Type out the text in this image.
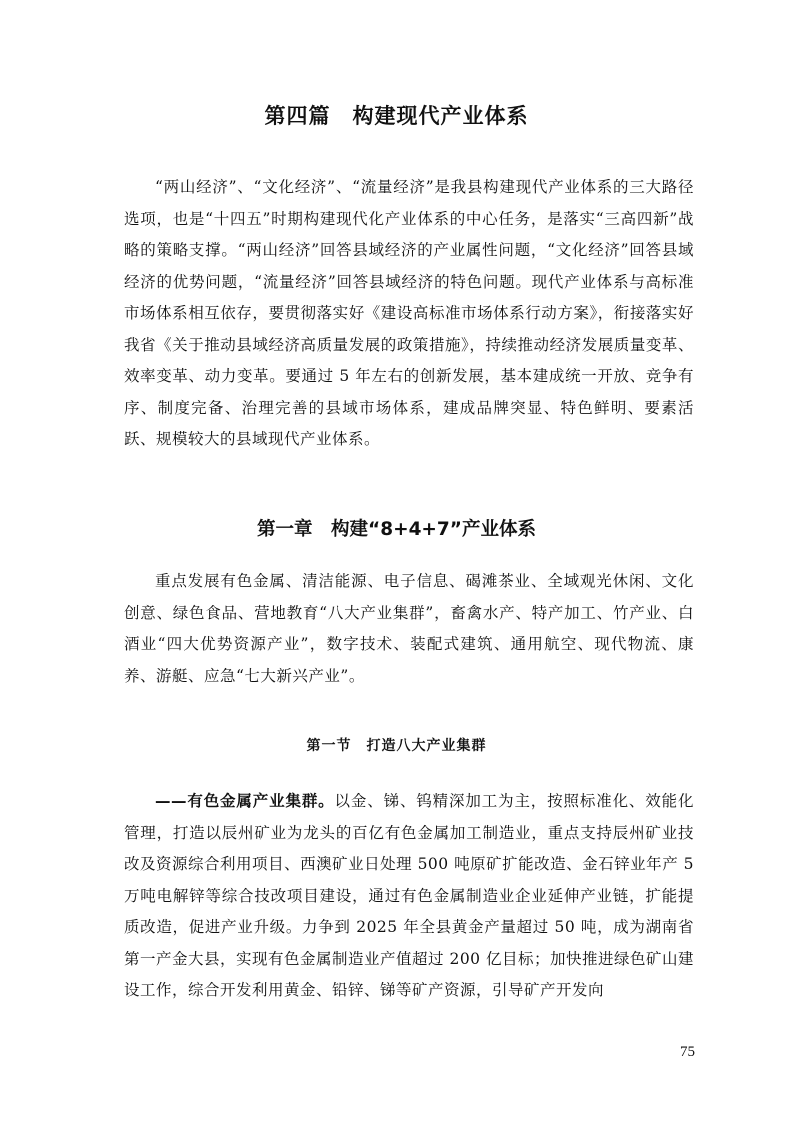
第四篇　构建现代产业体系

“两山经济”、“文化经济”、“流量经济”是我县构建现代产业体系的三大路径选项，也是“十四五”时期构建现代化产业体系的中心任务，是落实“三高四新”战略的策略支撑。“两山经济”回答县域经济的产业属性问题，“文化经济”回答县域经济的优势问题，“流量经济”回答县域经济的特色问题。现代产业体系与高标准市场体系相互依存，要贯彻落实好《建设高标准市场体系行动方案》，衔接落实好我省《关于推动县域经济高质量发展的政策措施》，持续推动经济发展质量变革、效率变革、动力变革。要通过 5 年左右的创新发展，基本建成统一开放、竞争有序、制度完备、治理完善的县域市场体系，建成品牌突显、特色鲜明、要素活跃、规模较大的县域现代产业体系。

第一章　构建“8+4+7”产业体系

重点发展有色金属、清洁能源、电子信息、碣滩茶业、全域观光休闲、文化创意、绿色食品、营地教育“八大产业集群”，畜禽水产、特产加工、竹产业、白酒业“四大优势资源产业”，数字技术、装配式建筑、通用航空、现代物流、康养、游艇、应急“七大新兴产业”。

第一节　打造八大产业集群

——有色金属产业集群。以金、锑、钨精深加工为主，按照标准化、效能化管理，打造以辰州矿业为龙头的百亿有色金属加工制造业，重点支持辰州矿业技改及资源综合利用项目、西澳矿业日处理 500 吨原矿扩能改造、金石锌业年产 5 万吨电解锌等综合技改项目建设，通过有色金属制造业企业延伸产业链，扩能提质改造，促进产业升级。力争到 2025 年全县黄金产量超过 50 吨，成为湖南省第一产金大县，实现有色金属制造业产值超过 200 亿目标；加快推进绿色矿山建设工作，综合开发利用黄金、铅锌、锑等矿产资源，引导矿产开发向

75
